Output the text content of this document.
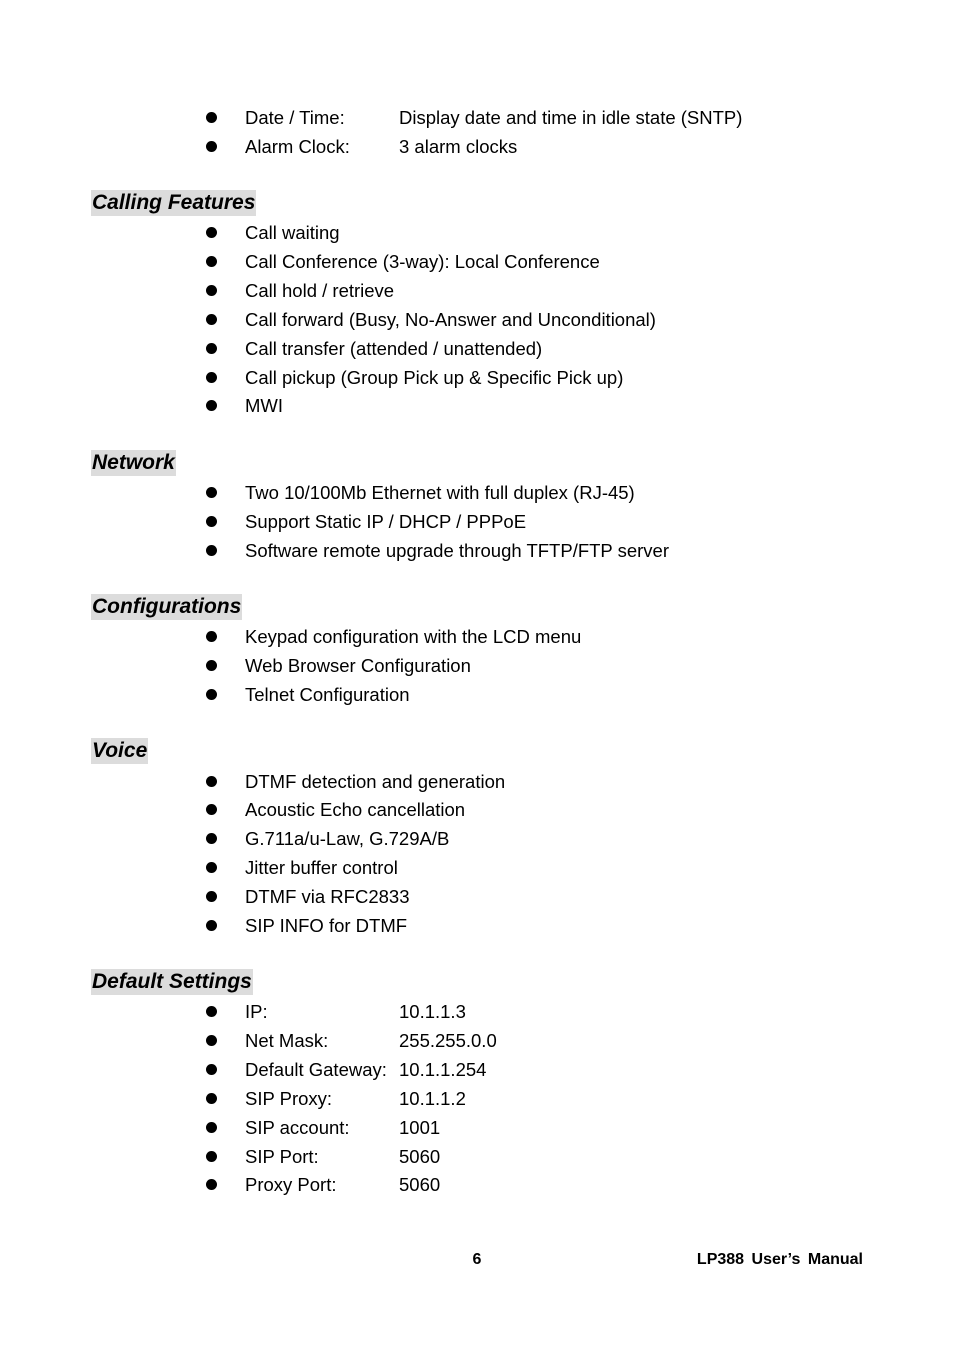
Date / Time:	Display date and time in idle state (SNTP)
Alarm Clock:	3 alarm clocks
Calling Features
Call waiting
Call Conference (3-way): Local Conference
Call hold / retrieve
Call forward (Busy, No-Answer and Unconditional)
Call transfer (attended / unattended)
Call pickup (Group Pick up & Specific Pick up)
MWI
Network
Two 10/100Mb Ethernet with full duplex (RJ-45)
Support Static IP / DHCP / PPPoE
Software remote upgrade through TFTP/FTP server
Configurations
Keypad configuration with the LCD menu
Web Browser Configuration
Telnet Configuration
Voice
DTMF detection and generation
Acoustic Echo cancellation
G.711a/u-Law, G.729A/B
Jitter buffer control
DTMF via RFC2833
SIP INFO for DTMF
Default Settings
IP:	10.1.1.3
Net Mask:	255.255.0.0
Default Gateway: 10.1.1.254
SIP Proxy:	10.1.1.2
SIP account:	1001
SIP Port:	5060
Proxy Port:	5060
6	LP388 User’s Manual
